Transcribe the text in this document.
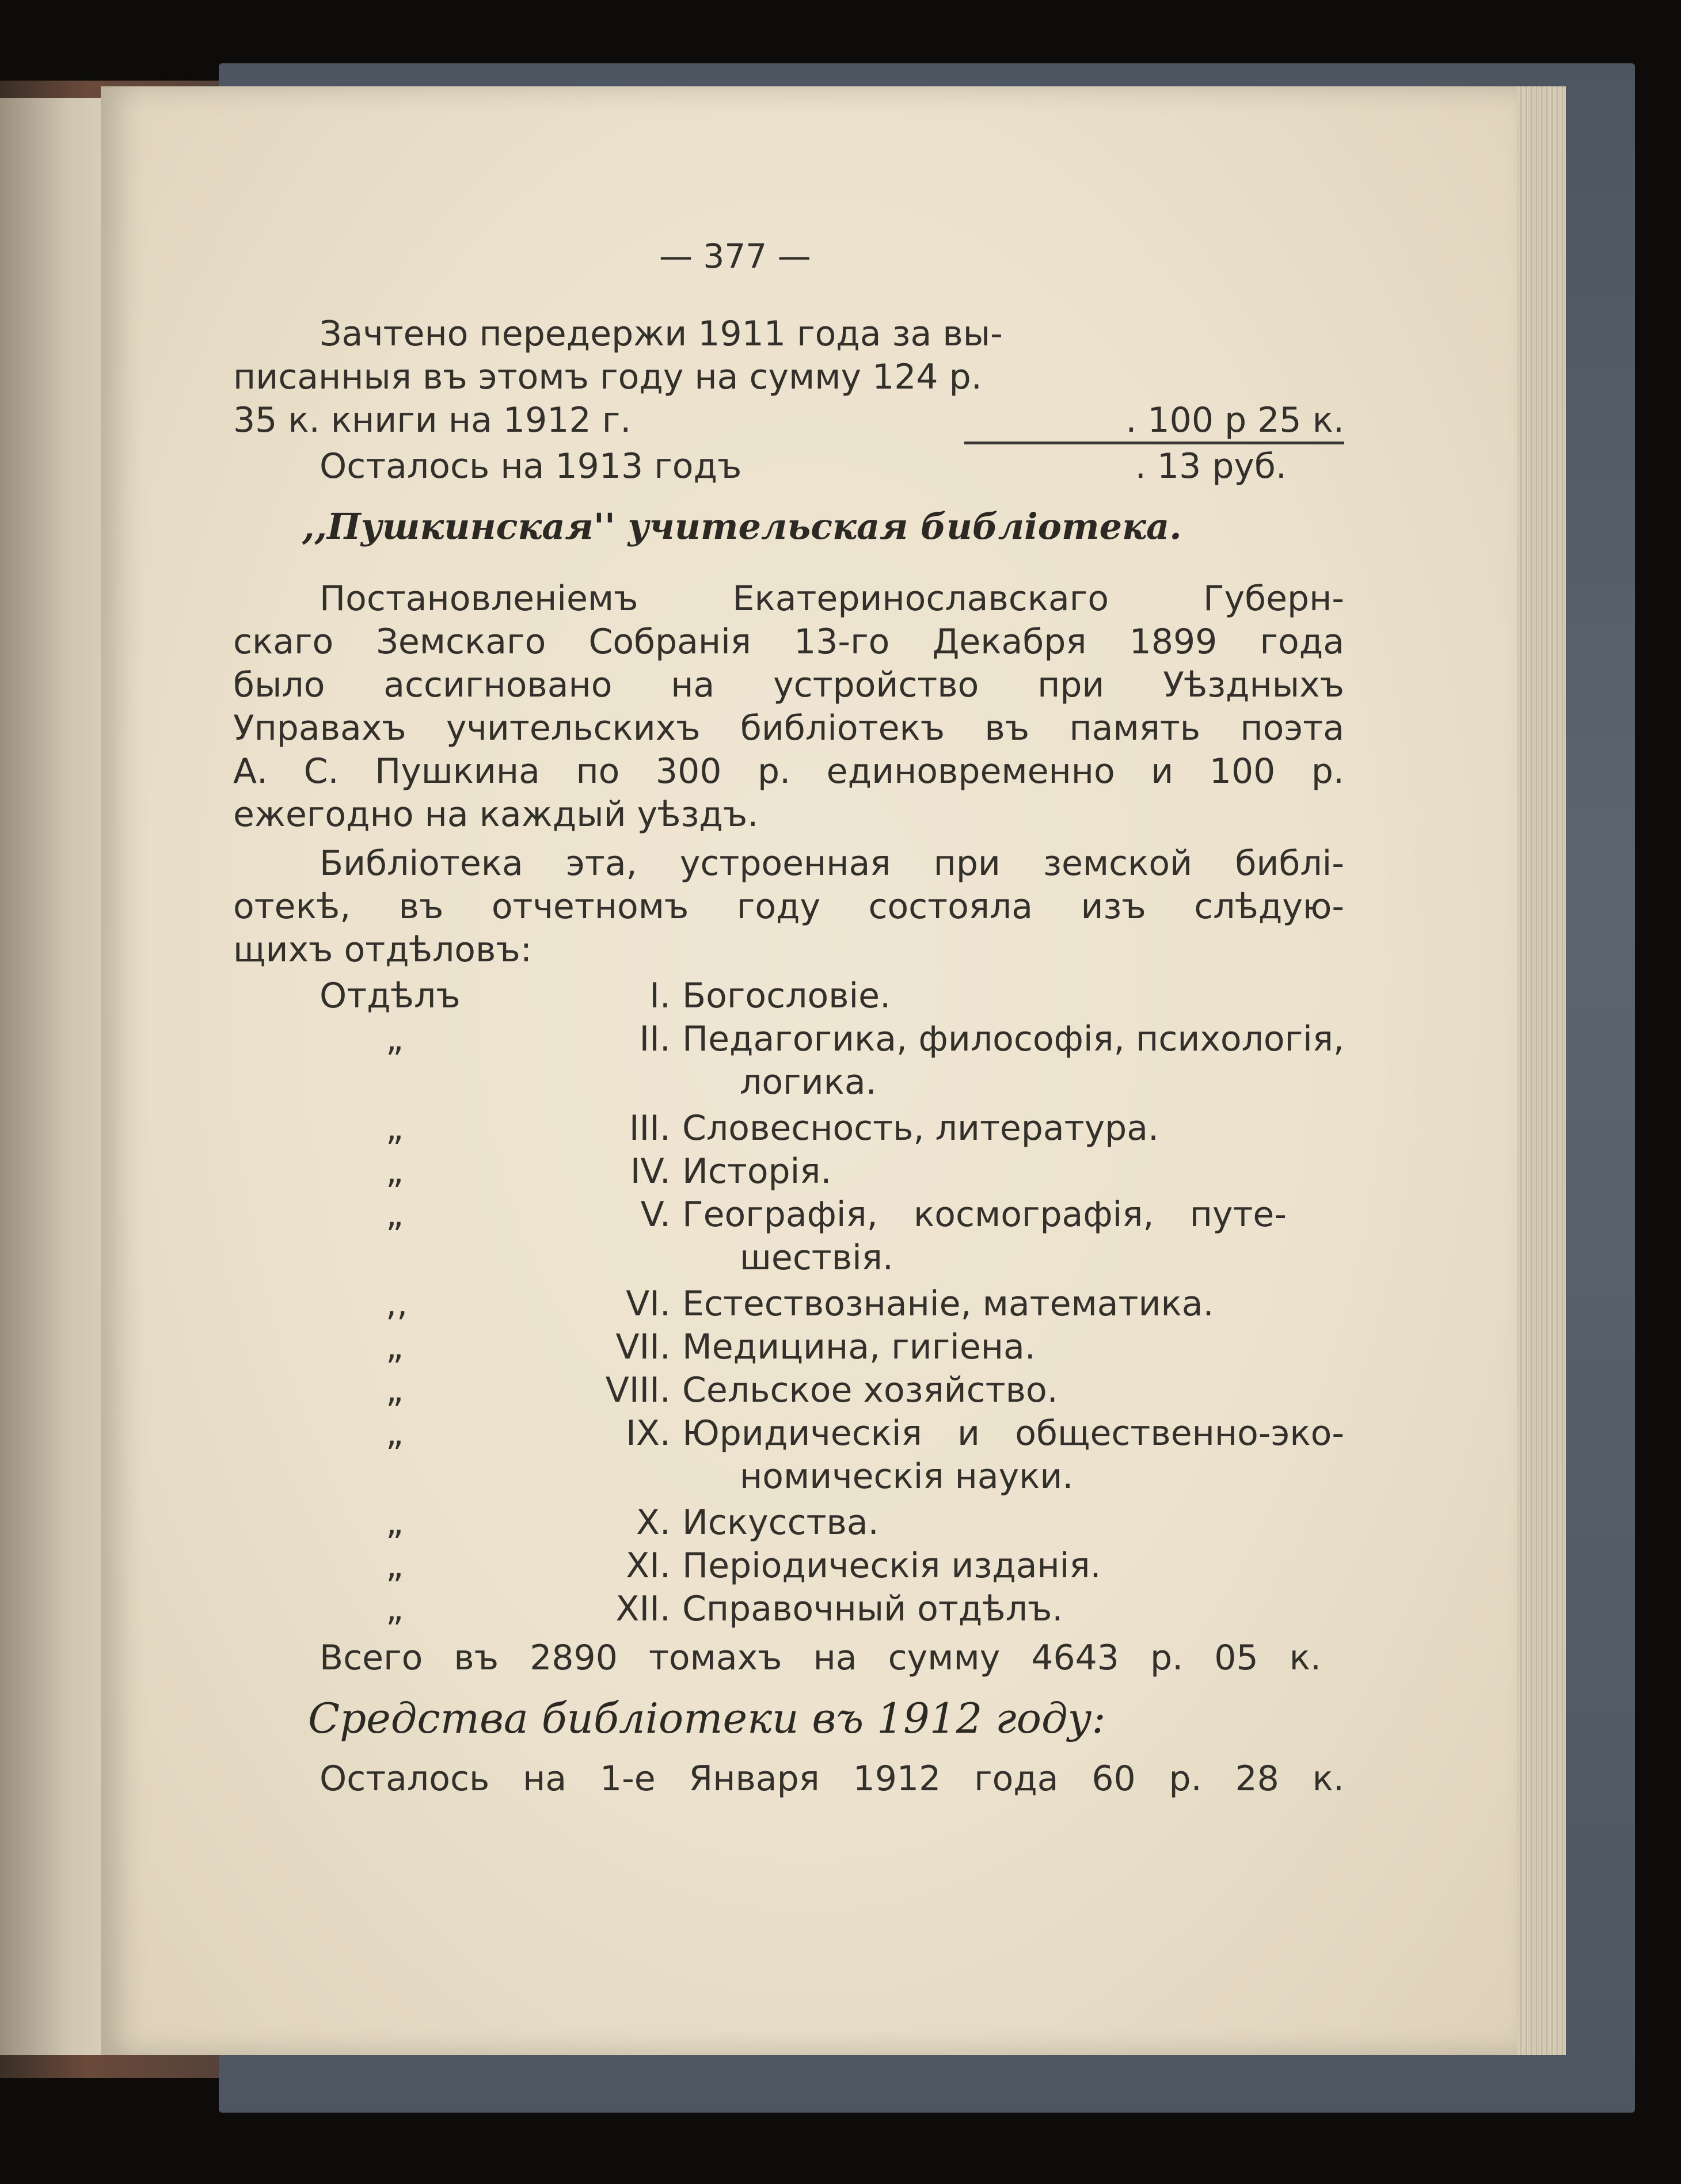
— 377 —
Зачтено передержи 1911 года за вы-
писанныя въ этомъ году на сумму 124 р.
35 к. книги на 1912 г.	. 100 р 25 к.
Осталось на 1913 годъ	. 13 руб.
,,Пушкинская'' учительская библіотека.
Постановленіемъ Екатеринославскаго Губерн-
скаго Земскаго Собранія 13-го Декабря 1899 года
было ассигновано на устройство при Уѣздныхъ
Управахъ учительскихъ библіотекъ въ память поэта
А. С. Пушкина по 300 р. единовременно и 100 р.
ежегодно на каждый уѣздъ.
Библіотека эта, устроенная при земской библі-
отекѣ, въ отчетномъ году состояла изъ слѣдую-
щихъ отдѣловъ:
Отдѣлъ	I. Богословіе.
„	II. Педагогика, философія, психологія,
логика.
„	III. Словесность, литература.
„	IV. Исторія.
„	V. Географія, космографія, путе-
шествія.
,,	VI. Естествознаніе, математика.
„	VII. Медицина, гигіена.
„	VIII. Сельское хозяйство.
„	IX. Юридическія и общественно-эко-
номическія науки.
„	X. Искусства.
„	XI. Періодическія изданія.
„	XII. Справочный отдѣлъ.
Всего въ 2890 томахъ на сумму 4643 р. 05 к.
Средства библіотеки въ 1912 году:
Осталось на 1-е Января 1912 года 60 р. 28 к.
